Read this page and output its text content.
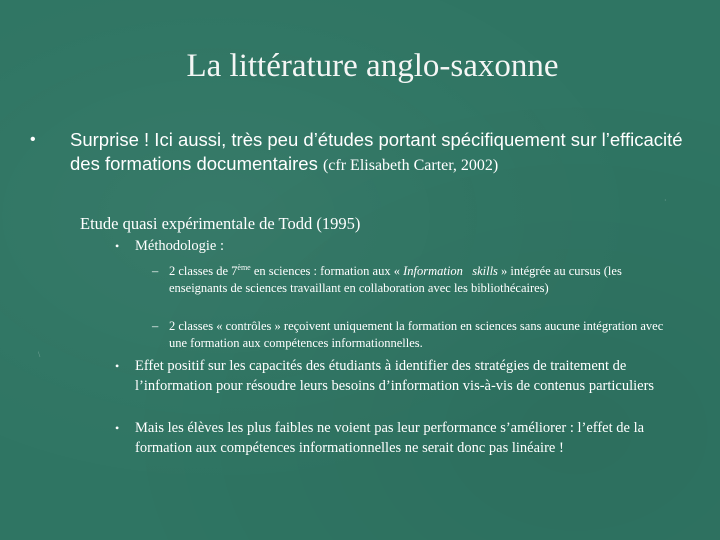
La littérature anglo-saxonne
• Surprise ! Ici aussi, très peu d’études portant spécifiquement sur l’efficacité des formations documentaires (cfr Elisabeth Carter, 2002)
Etude quasi expérimentale de Todd (1995)
• Méthodologie :
– 2 classes de 7ème en sciences : formation aux « Information   skills » intégrée au cursus (les enseignants de sciences travaillant en collaboration avec les bibliothécaires)
– 2 classes « contrôles » reçoivent uniquement la formation en sciences sans aucune intégration avec une formation aux compétences informationnelles.
• Effet positif sur les capacités des étudiants à identifier des stratégies de traitement de l’information pour résoudre leurs besoins d’information vis-à-vis de contenus particuliers
• Mais les élèves les plus faibles ne voient pas leur performance s’améliorer : l’effet de la formation aux compétences informationnelles ne serait donc pas linéaire !
\
·
